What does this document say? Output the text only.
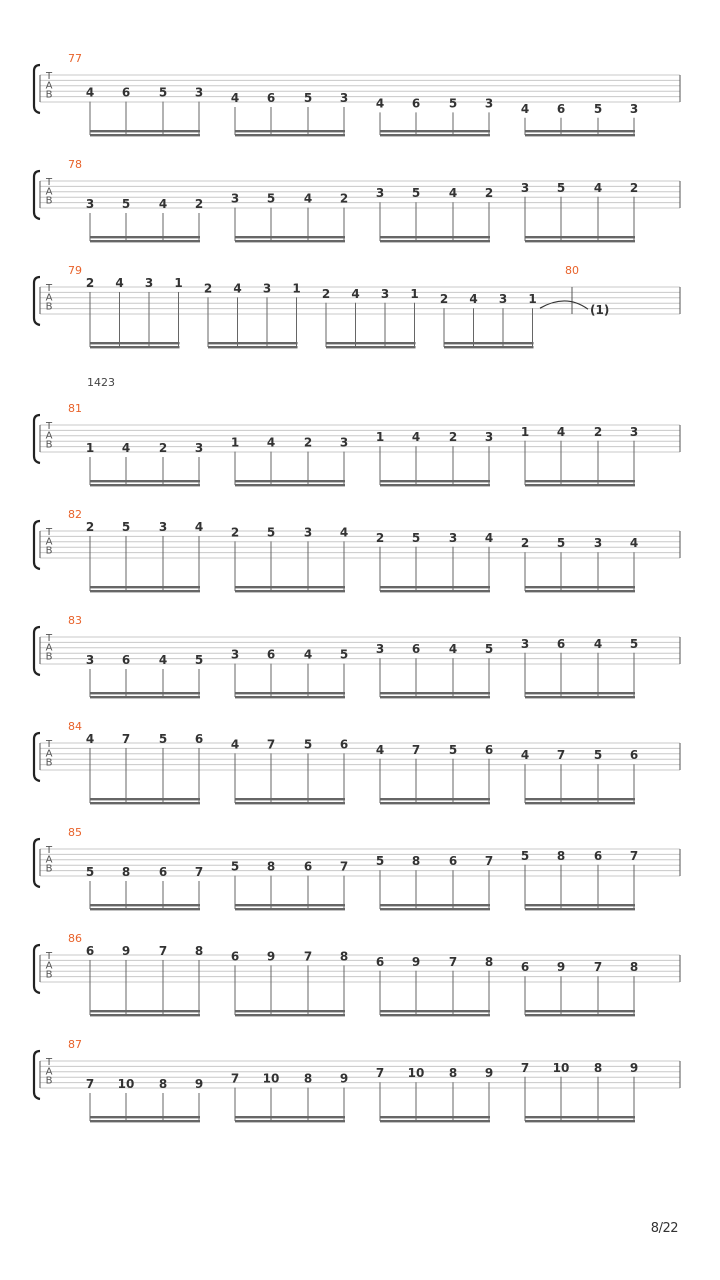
T
A
B
77
4 6 5 3 4 6 5 3 4 6 5 3 4 6 5 3
T
A
B
78
3 5 4 2 3 5 4 2 3 5 4 2 3 5 4 2
T
A
B
79
2 4 3 1 2 4 3 1 2 4 3 1 2 4 3 1
80
(1)
T
A
B
81
1 4 2 3 1 4 2 3 1 4 2 3 1 4 2 3
T
A
B
82
2 5 3 4 2 5 3 4 2 5 3 4 2 5 3 4
T
A
B
83
3 6 4 5 3 6 4 5 3 6 4 5 3 6 4 5
T
A
B
84
4 7 5 6 4 7 5 6 4 7 5 6 4 7 5 6
T
A
B
85
5 8 6 7 5 8 6 7 5 8 6 7 5 8 6 7
T
A
B
86
6 9 7 8 6 9 7 8 6 9 7 8 6 9 7 8
T
A
B
87
7 10 8 9 7 10 8 9 7 10 8 9 7 10 8 9
1423
8/22
